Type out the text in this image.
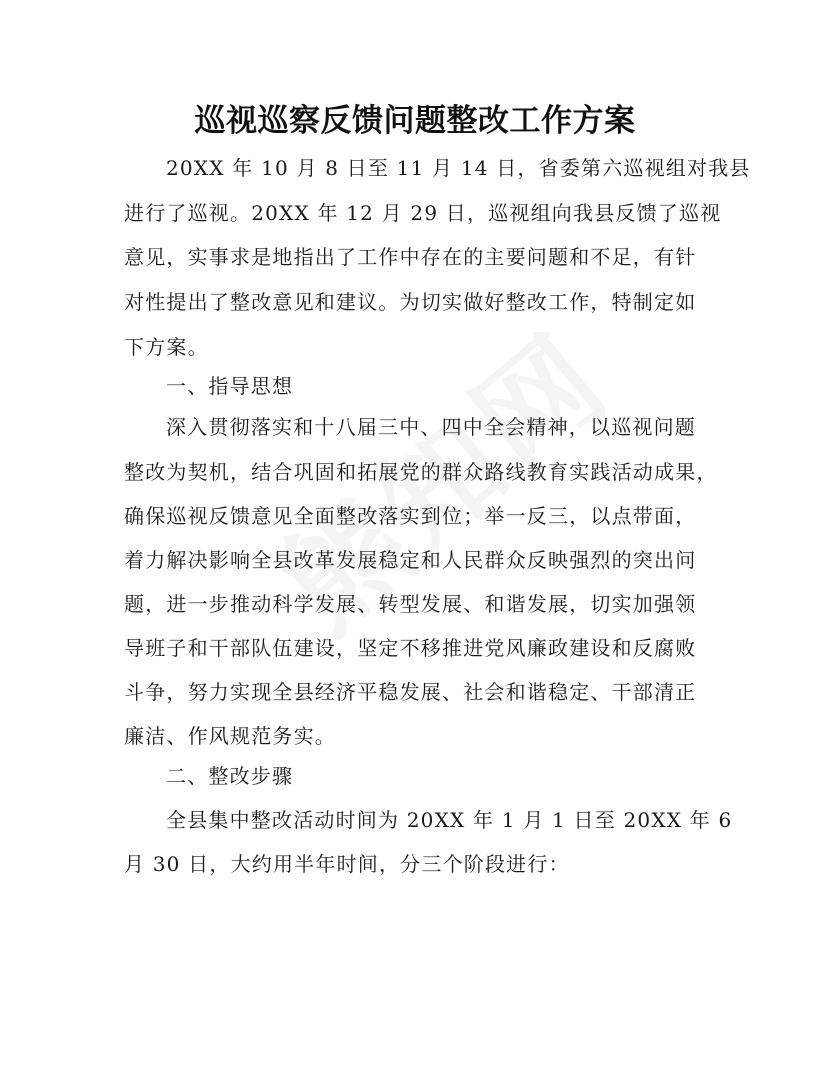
巡视巡察反馈问题整改工作方案
20XX 年 10 月 8 日至 11 月 14 日，省委第六巡视组对我县
进行了巡视。20XX 年 12 月 29 日，巡视组向我县反馈了巡视
意见，实事求是地指出了工作中存在的主要问题和不足，有针
对性提出了整改意见和建议。为切实做好整改工作，特制定如
下方案。
一、指导思想
深入贯彻落实和十八届三中、四中全会精神，以巡视问题
整改为契机，结合巩固和拓展党的群众路线教育实践活动成果，
确保巡视反馈意见全面整改落实到位；举一反三，以点带面，
着力解决影响全县改革发展稳定和人民群众反映强烈的突出问
题，进一步推动科学发展、转型发展、和谐发展，切实加强领
导班子和干部队伍建设，坚定不移推进党风廉政建设和反腐败
斗争，努力实现全县经济平稳发展、社会和谐稳定、干部清正
廉洁、作风规范务实。
二、整改步骤
全县集中整改活动时间为 20XX 年 1 月 1 日至 20XX 年 6
月 30 日，大约用半年时间，分三个阶段进行：
